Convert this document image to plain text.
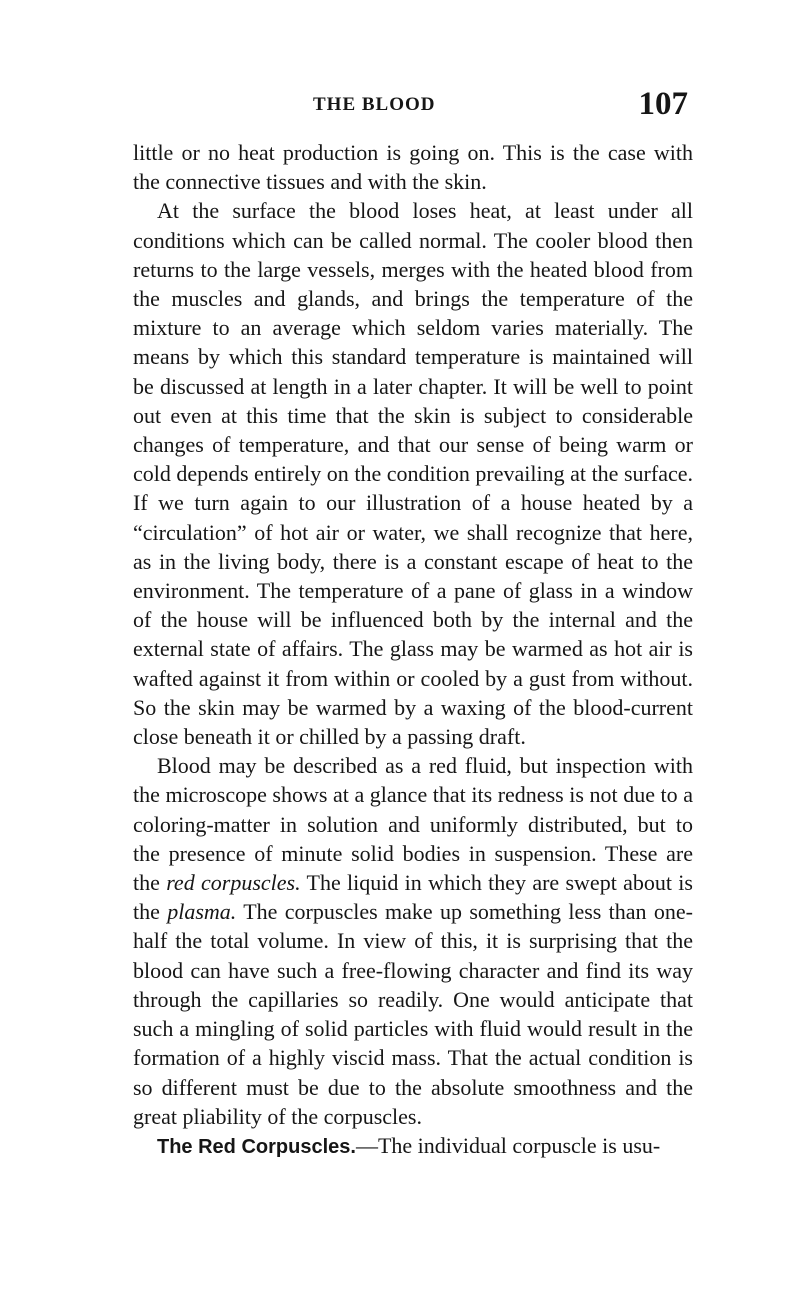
THE BLOOD	107

little or no heat production is going on. This is the case with the connective tissues and with the skin.

At the surface the blood loses heat, at least under all conditions which can be called normal. The cooler blood then returns to the large vessels, merges with the heated blood from the muscles and glands, and brings the temperature of the mixture to an average which seldom varies materially. The means by which this standard temperature is maintained will be discussed at length in a later chapter. It will be well to point out even at this time that the skin is subject to considerable changes of temperature, and that our sense of being warm or cold depends entirely on the condition prevailing at the surface. If we turn again to our illustration of a house heated by a “circulation” of hot air or water, we shall recognize that here, as in the living body, there is a constant escape of heat to the environment. The temperature of a pane of glass in a window of the house will be influenced both by the internal and the external state of affairs. The glass may be warmed as hot air is wafted against it from within or cooled by a gust from without. So the skin may be warmed by a waxing of the blood-current close beneath it or chilled by a passing draft.

Blood may be described as a red fluid, but inspection with the microscope shows at a glance that its redness is not due to a coloring-matter in solution and uniformly distributed, but to the presence of minute solid bodies in suspension. These are the red corpuscles. The liquid in which they are swept about is the plasma. The corpuscles make up something less than one-half the total volume. In view of this, it is surprising that the blood can have such a free-flowing character and find its way through the capillaries so readily. One would anticipate that such a mingling of solid particles with fluid would result in the formation of a highly viscid mass. That the actual condition is so different must be due to the absolute smoothness and the great pliability of the corpuscles.

The Red Corpuscles.—The individual corpuscle is usu-
